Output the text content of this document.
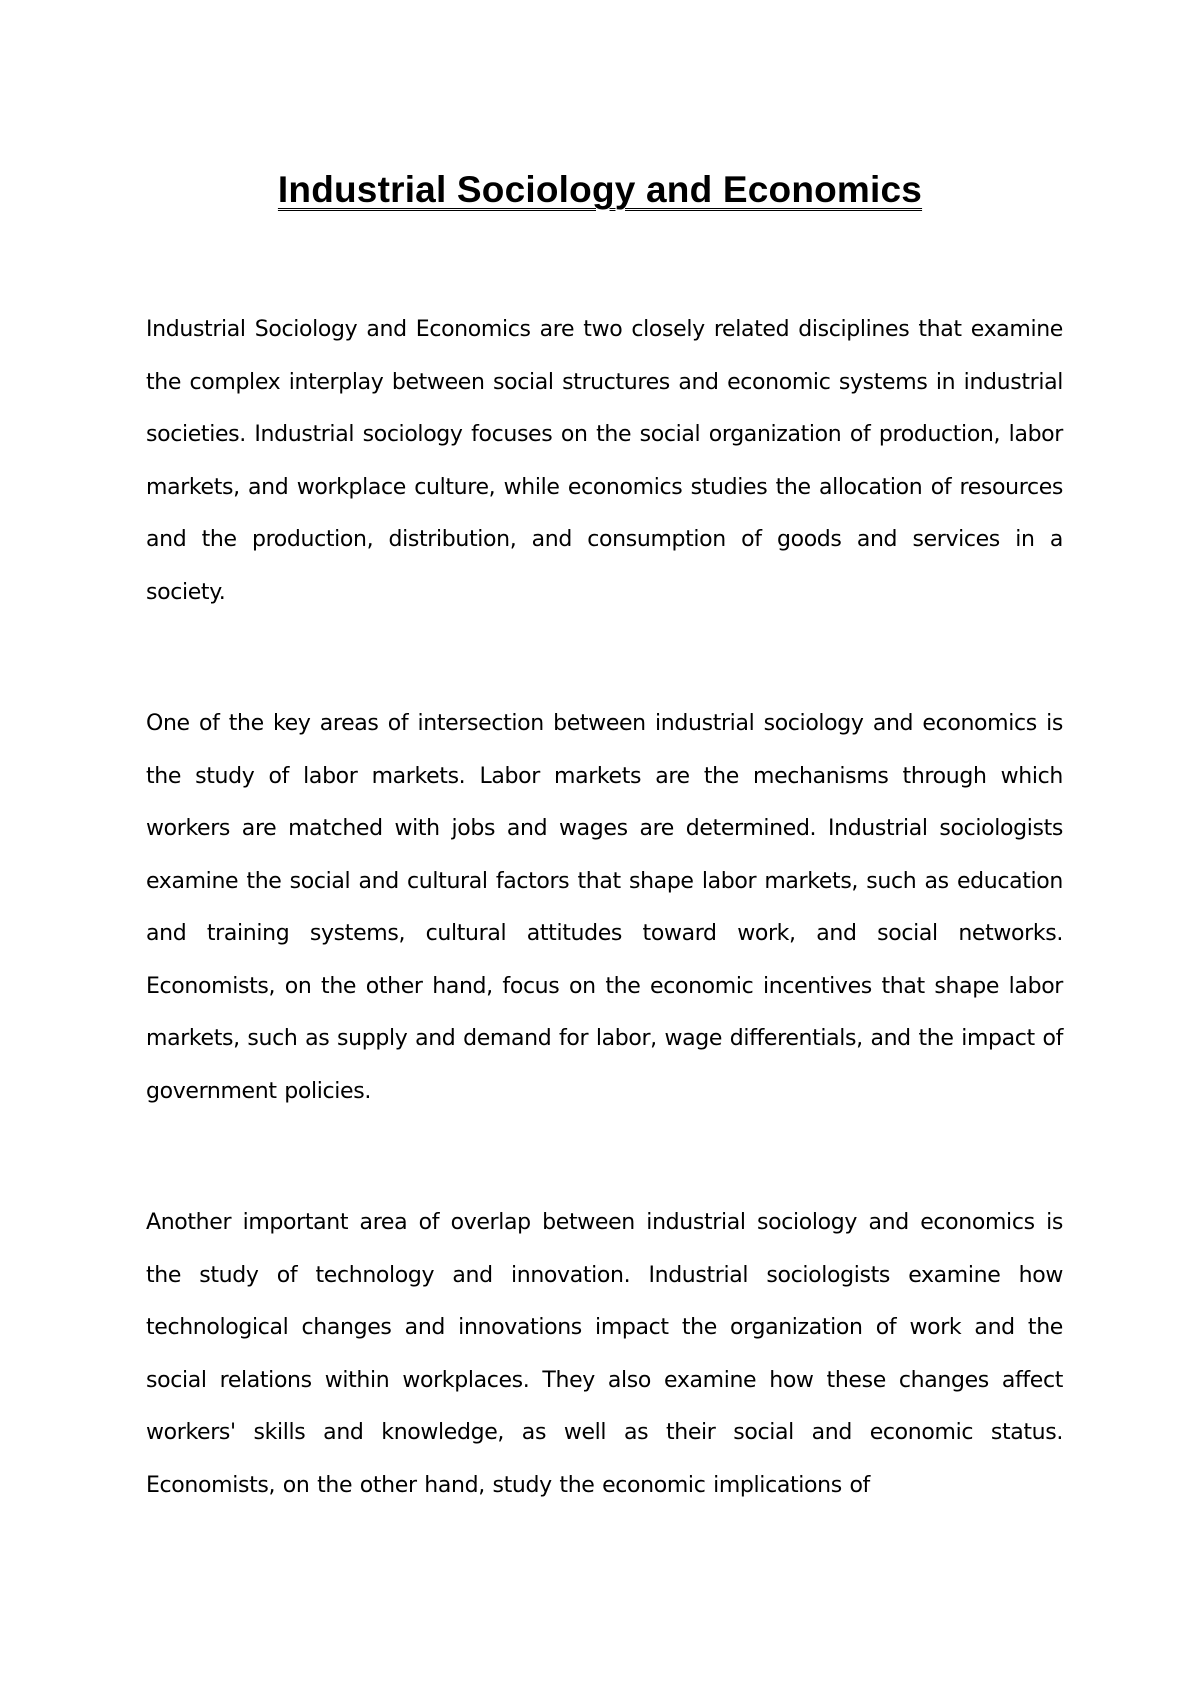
Industrial Sociology and Economics

Industrial Sociology and Economics are two closely related disciplines that examine the complex interplay between social structures and economic systems in industrial societies. Industrial sociology focuses on the social organization of production, labor markets, and workplace culture, while economics studies the allocation of resources and the production, distribution, and consumption of goods and services in a society.

One of the key areas of intersection between industrial sociology and economics is the study of labor markets. Labor markets are the mechanisms through which workers are matched with jobs and wages are determined. Industrial sociologists examine the social and cultural factors that shape labor markets, such as education and training systems, cultural attitudes toward work, and social networks. Economists, on the other hand, focus on the economic incentives that shape labor markets, such as supply and demand for labor, wage differentials, and the impact of government policies.

Another important area of overlap between industrial sociology and economics is the study of technology and innovation. Industrial sociologists examine how technological changes and innovations impact the organization of work and the social relations within workplaces. They also examine how these changes affect workers' skills and knowledge, as well as their social and economic status. Economists, on the other hand, study the economic implications of
